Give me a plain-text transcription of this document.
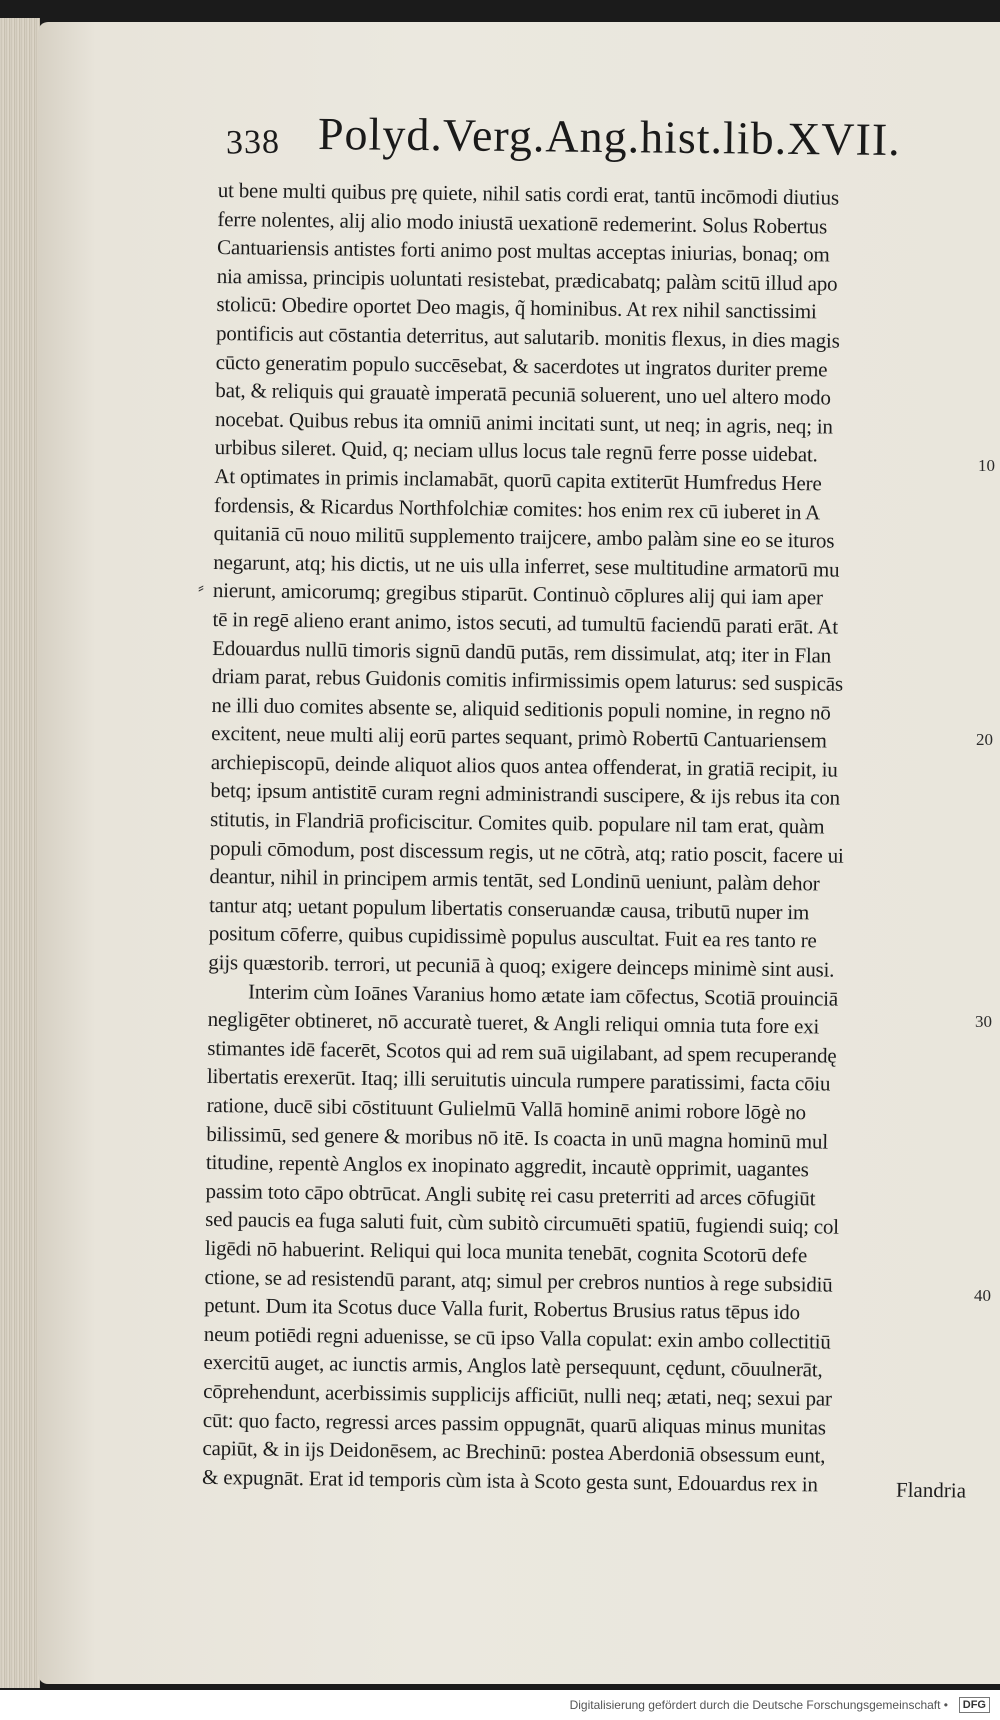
338 Polyd.Verg.Ang.hist.lib.XVII.
ut bene multi quibus prę quiete, nihil satis cordi erat, tantū incōmodi diutius
ferre nolentes, alij alio modo iniustā uexationē redemerint. Solus Robertus
Cantuariensis antistes forti animo post multas acceptas iniurias, bonaq; om
nia amissa, principis uoluntati resistebat, prædicabatq; palàm scitū illud apo
stolicū: Obedire oportet Deo magis, q̃ hominibus. At rex nihil sanctissimi
pontificis aut cōstantia deterritus, aut salutarib. monitis flexus, in dies magis
cūcto generatim populo succēsebat, & sacerdotes ut ingratos duriter preme
bat, & reliquis qui grauatè imperatā pecuniā soluerent, uno uel altero modo
nocebat. Quibus rebus ita omniū animi incitati sunt, ut neq; in agris, neq; in
urbibus sileret. Quid, q; neciam ullus locus tale regnū ferre posse uidebat.
At optimates in primis inclamabāt, quorū capita extiterūt Humfredus Here
fordensis, & Ricardus Northfolchiæ comites: hos enim rex cū iuberet in A
quitaniā cū nouo militū supplemento traijcere, ambo palàm sine eo se ituros
negarunt, atq; his dictis, ut ne uis ulla inferret, sese multitudine armatorū mu
nierunt, amicorumq; gregibus stiparūt. Continuò cōplures alij qui iam aper
tē in regē alieno erant animo, istos secuti, ad tumultū faciendū parati erāt. At
Edouardus nullū timoris signū dandū putās, rem dissimulat, atq; iter in Flan
driam parat, rebus Guidonis comitis infirmissimis opem laturus: sed suspicās
ne illi duo comites absente se, aliquid seditionis populi nomine, in regno nō
excitent, neue multi alij eorū partes sequant, primò Robertū Cantuariensem
archiepiscopū, deinde aliquot alios quos antea offenderat, in gratiā recipit, iu
betq; ipsum antistitē curam regni administrandi suscipere, & ijs rebus ita con
stitutis, in Flandriā proficiscitur. Comites quib. populare nil tam erat, quàm
populi cōmodum, post discessum regis, ut ne cōtrà, atq; ratio poscit, facere ui
deantur, nihil in principem armis tentāt, sed Londinū ueniunt, palàm dehor
tantur atq; uetant populum libertatis conseruandæ causa, tributū nuper im
positum cōferre, quibus cupidissimè populus auscultat. Fuit ea res tanto re
gijs quæstorib. terrori, ut pecuniā à quoq; exigere deinceps minimè sint ausi.
Interim cùm Ioānes Varanius homo ætate iam cōfectus, Scotiā prouinciā
negligēter obtineret, nō accuratè tueret, & Angli reliqui omnia tuta fore exi
stimantes idē facerēt, Scotos qui ad rem suā uigilabant, ad spem recuperandę
libertatis erexerūt. Itaq; illi seruitutis uincula rumpere paratissimi, facta cōiu
ratione, ducē sibi cōstituunt Gulielmū Vallā hominē animi robore lōgè no
bilissimū, sed genere & moribus nō itē. Is coacta in unū magna hominū mul
titudine, repentè Anglos ex inopinato aggredit, incautè opprimit, uagantes
passim toto cāpo obtrūcat. Angli subitę rei casu preterriti ad arces cōfugiūt
sed paucis ea fuga saluti fuit, cùm subitò circumuēti spatiū, fugiendi suiq; col
ligēdi nō habuerint. Reliqui qui loca munita tenebāt, cognita Scotorū defe
ctione, se ad resistendū parant, atq; simul per crebros nuntios à rege subsidiū
petunt. Dum ita Scotus duce Valla furit, Robertus Brusius ratus tēpus ido
neum potiēdi regni aduenisse, se cū ipso Valla copulat: exin ambo collectitiū
exercitū auget, ac iunctis armis, Anglos latè persequunt, cędunt, cōuulnerāt,
cōprehendunt, acerbissimis supplicijs afficiūt, nulli neq; ætati, neq; sexui par
cūt: quo facto, regressi arces passim oppugnāt, quarū aliquas minus munitas
capiūt, & in ijs Deidonēsem, ac Brechinū: postea Aberdoniā obsessum eunt,
& expugnāt. Erat id temporis cùm ista à Scoto gesta sunt, Edouardus rex in
10
20
30
40
⸗
Flandria
Digitalisierung gefördert durch die Deutsche Forschungsgemeinschaft •	DFG
